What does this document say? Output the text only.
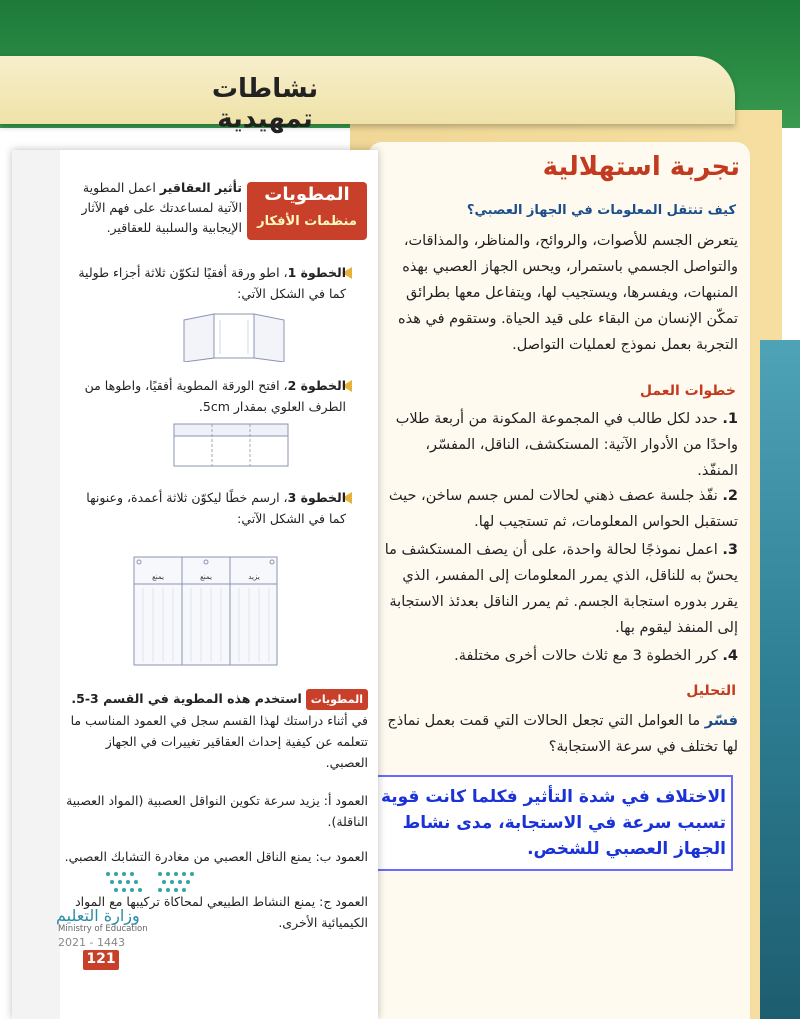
نشاطات تمهيدية
تجربة استهلالية
كيف تنتقل المعلومات في الجهاز العصبي؟
يتعرض الجسم للأصوات، والروائح، والمناظر، والمذاقات، والتواصل الجسمي باستمرار، ويحس الجهاز العصبي بهذه المنبهات، ويفسرها، ويستجيب لها، ويتفاعل معها بطرائق تمكّن الإنسان من البقاء على قيد الحياة. وستقوم في هذه التجربة بعمل نموذج لعمليات التواصل.
خطوات العمل
1. حدد لكل طالب في المجموعة المكونة من أربعة طلاب واحدًا من الأدوار الآتية: المستكشف، الناقل، المفسّر، المنفّذ.
2. نفّذ جلسة عصف ذهني لحالات لمس جسم ساخن، حيث تستقبل الحواس المعلومات، ثم تستجيب لها.
3. اعمل نموذجًا لحالة واحدة، على أن يصف المستكشف ما يحسّ به للناقل، الذي يمرر المعلومات إلى المفسر، الذي يقرر بدوره استجابة الجسم. ثم يمرر الناقل بعدئذ الاستجابة إلى المنفذ ليقوم بها.
4. كرر الخطوة 3 مع ثلاث حالات أخرى مختلفة.
التحليل
فسّر ما العوامل التي تجعل الحالات التي قمت بعمل نماذج لها تختلف في سرعة الاستجابة؟
الاختلاف في شدة التأثير فكلما كانت قوية تسبب سرعة في الاستجابة، مدى نشاط الجهاز العصبي للشخص.
المطويات
منظمات الأفكار
تأثير العقاقير اعمل المطوية الآتية لمساعدتك على فهم الآثار الإيجابية والسلبية للعقاقير.
الخطوة 1، اطو ورقة أفقيًا لتكوّن ثلاثة أجزاء طولية كما في الشكل الآتي:
الخطوة 2، افتح الورقة المطوية أفقيًا، واطوها من الطرف العلوي بمقدار 5cm.
الخطوة 3، ارسم خطًا ليكوّن ثلاثة أعمدة، وعنونها كما في الشكل الآتي:
يزيد
يمنع
يمنع
المطويات استخدم هذه المطوية في القسم 3-5. في أثناء دراستك لهذا القسم سجل في العمود المناسب ما تتعلمه عن كيفية إحداث العقاقير تغييرات في الجهاز العصبي.
العمود أ: يزيد سرعة تكوين النواقل العصبية (المواد العصبية الناقلة).
العمود ب: يمنع الناقل العصبي من مغادرة التشابك العصبي.
العمود ج: يمنع النشاط الطبيعي لمحاكاة تركيبها مع المواد الكيميائية الأخرى.
وزارة التعليم
Ministry of Education
2021 - 1443
121
